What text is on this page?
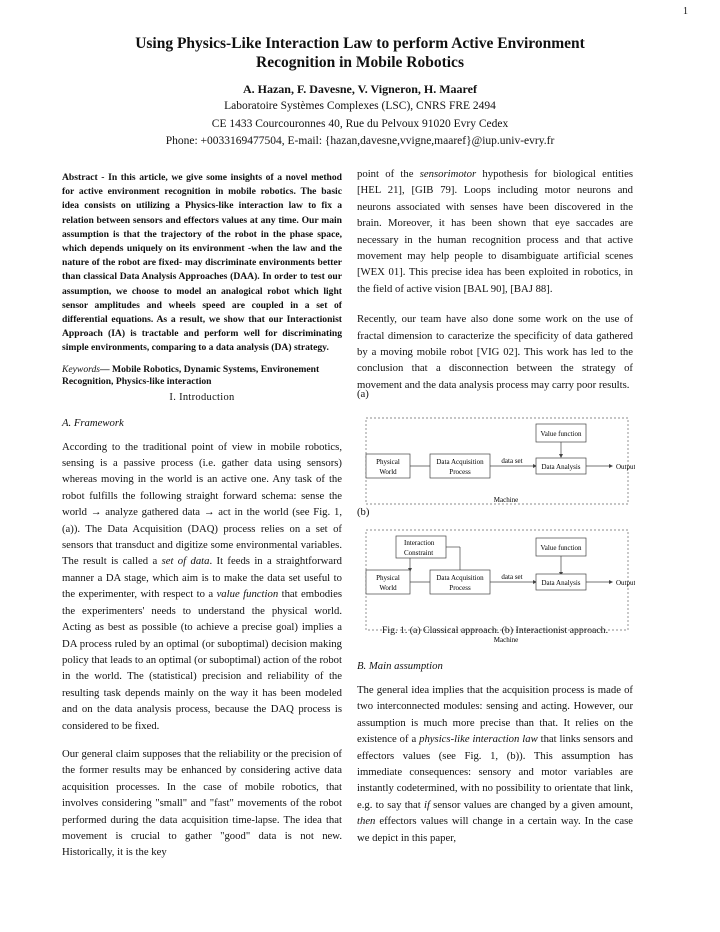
1
Using Physics-Like Interaction Law to perform Active Environment
Recognition in Mobile Robotics
A. Hazan, F. Davesne, V. Vigneron, H. Maaref
Laboratoire Systèmes Complexes (LSC), CNRS FRE 2494
CE 1433 Courcouronnes 40, Rue du Pelvoux 91020 Evry Cedex
Phone: +0033169477504, E-mail: {hazan,davesne,vvigne,maaref}@iup.univ-evry.fr

Abstract - In this article, we give some insights of a novel method for active environment recognition in mobile robotics. The basic idea consists on utilizing a Physics-like interaction law to fix a relation between sensors and effectors values at any time. Our main assumption is that the trajectory of the robot in the phase space, which depends uniquely on its environment -when the law and the nature of the robot are fixed- may discriminate environments better than classical Data Analysis Approaches (DAA). In order to test our assumption, we choose to model an analogical robot which light sensor amplitudes and wheels speed are coupled in a set of differential equations. As a result, we show that our Interactionist Approach (IA) is tractable and perform well for discriminating simple environments, comparing to a data analysis (DA) strategy.

Keywords— Mobile Robotics, Dynamic Systems, Environement Recognition, Physics-like interaction

I. Introduction
A. Framework

According to the traditional point of view in mobile robotics, sensing is a passive process (i.e. gather data using sensors) whereas moving in the world is an active one. Any task of the robot fulfills the following straight forward schema: sense the world → analyze gathered data → act in the world (see Fig. 1, (a)). The Data Acquisition (DAQ) process relies on a set of sensors that transduct and digitize some environmental variables. The result is called a set of data. It feeds in a straightforward manner a DA stage, which aim is to make the data set useful to the experimenter, with respect to a value function that embodies the experimenters' needs to understand the physical world. Acting as best as possible (to achieve a precise goal) implies a DA process ruled by an optimal (or suboptimal) decision making policy that leads to an optimal (or suboptimal) action of the robot in the world. The (statistical) precision and reliability of the resulting task depends mainly on the way it has been modeled and on the data analysis process, because the DAQ process is considered to be fixed.

Our general claim supposes that the reliability or the precision of the former results may be enhanced by considering active data acquisition processes. In the case of mobile robotics, that involves considering "small" and "fast" movements of the robot performed during the data acquisition time-lapse. The idea that movement is crucial to gather "good" data is not new. Historically, it is the key

point of the sensorimotor hypothesis for biological entities [HEL 21], [GIB 79]. Loops including motor neurons and neurons associated with senses have been discovered in the brain. Moreover, it has been shown that eye saccades are necessary in the human recognition process and that active movement may help people to disambiguate artificial scenes [WEX 01]. This precise idea has been exploited in robotics, in the field of active vision [BAL 90], [BAJ 88].

Recently, our team have also done some work on the use of fractal dimension to caracterize the specificity of data gathered by a moving mobile robot [VIG 02]. This work has led to the conclusion that a disconnection between the strategy of movement and the data analysis process may carry poor results.

(a)
Value function
Physical
World
Data Acquisition
Process
data set
Data Analysis	Output
Machine
(b)
Interaction
Constraint
Value function
Physical
World
Data Acquisition
Process
data set
Data Analysis	Output
Machine
Fig. 1. (a) Classical approach. (b) Interactionist approach.
B. Main assumption

The general idea implies that the acquisition process is made of two interconnected modules: sensing and acting. However, our assumption is much more precise than that. It relies on the existence of a physics-like interaction law that links sensors and effectors values (see Fig. 1, (b)). This assumption has immediate consequences: sensory and motor variables are instantly codetermined, with no possibility to orientate that link, e.g. to say that if sensor values are changed by a given amount, then effectors values will change in a certain way. In the case we depict in this paper,
